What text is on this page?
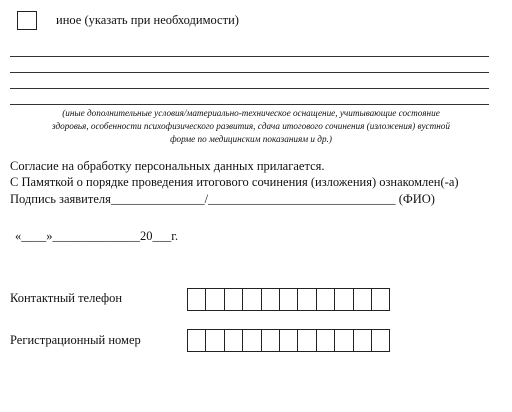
иное (указать при необходимости)
(иные дополнительные условия/материально-техническое оснащение, учитывающие состояние
здоровья, особенности психофизического развития, сдача итогового сочинения (изложения) вустной
форме по медицинским показаниям и др.)
Согласие на обработку персональных данных прилагается.
С Памяткой о порядке проведения итогового сочинения (изложения) ознакомлен(-а)
Подпись заявителя_______________/______________________________ (ФИО)
«____»______________20___г.
Контактный телефон
Регистрационный номер
